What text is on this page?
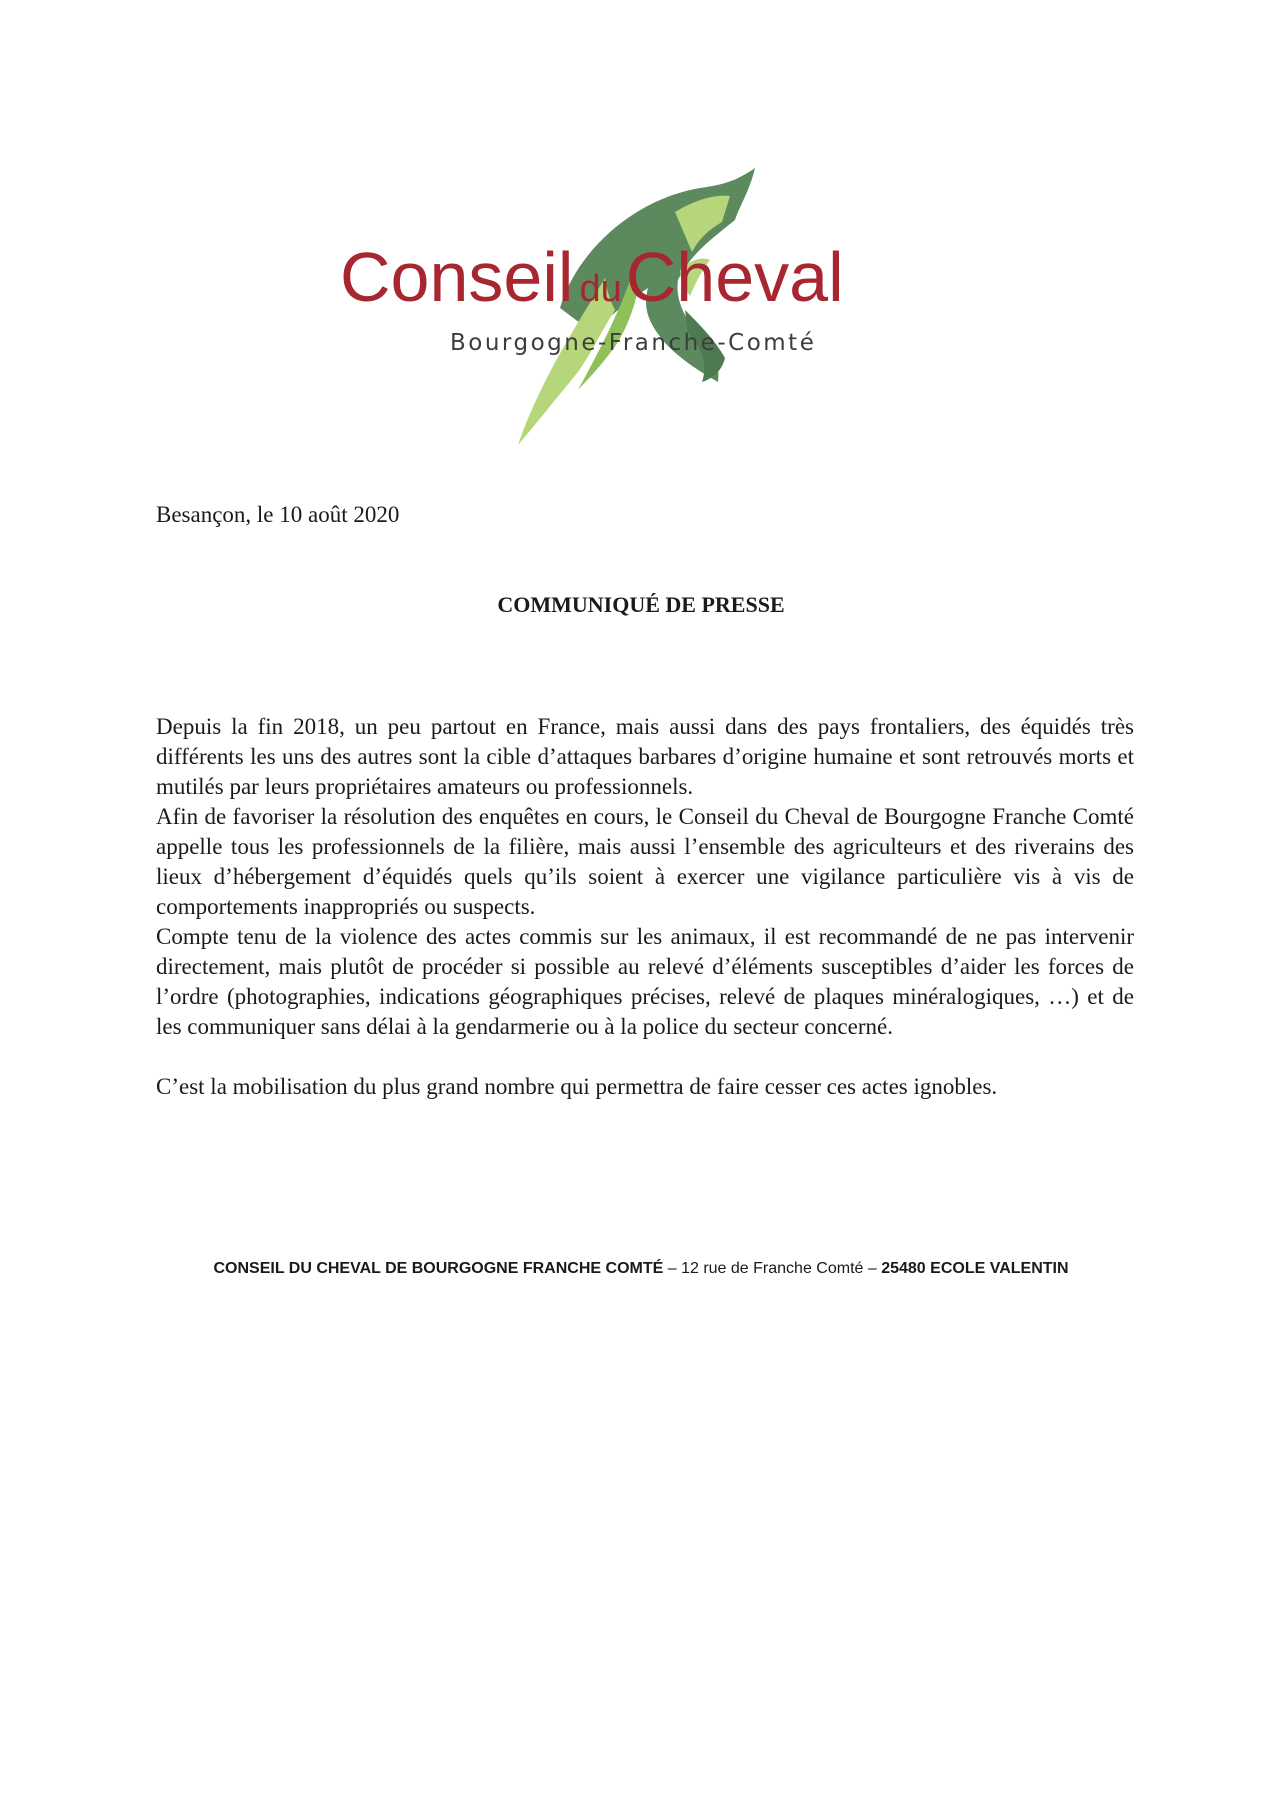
Conseil duCheval
Bourgogne-Franche-Comté
Besançon, le 10 août 2020
COMMUNIQUÉ DE PRESSE

Depuis la fin 2018, un peu partout en France, mais aussi dans des pays frontaliers, des équidés très différents les uns des autres sont la cible d’attaques barbares d’origine humaine et sont retrouvés morts et mutilés par leurs propriétaires amateurs ou professionnels.

Afin de favoriser la résolution des enquêtes en cours, le Conseil du Cheval de Bourgogne Franche Comté appelle tous les professionnels de la filière, mais aussi l’ensemble des agriculteurs et des riverains des lieux d’hébergement d’équidés quels qu’ils soient à exercer une vigilance particulière vis à vis de comportements inappropriés ou suspects.

Compte tenu de la violence des actes commis sur les animaux, il est recommandé de ne pas intervenir directement, mais plutôt de procéder si possible au relevé d’éléments susceptibles d’aider les forces de l’ordre (photographies, indications géographiques précises, relevé de plaques minéralogiques, …) et de les communiquer sans délai à la gendarmerie ou à la police du secteur concerné.

C’est la mobilisation du plus grand nombre qui permettra de faire cesser ces actes ignobles.

CONSEIL DU CHEVAL DE BOURGOGNE FRANCHE COMTÉ – 12 rue de Franche Comté – 25480 ECOLE VALENTIN
